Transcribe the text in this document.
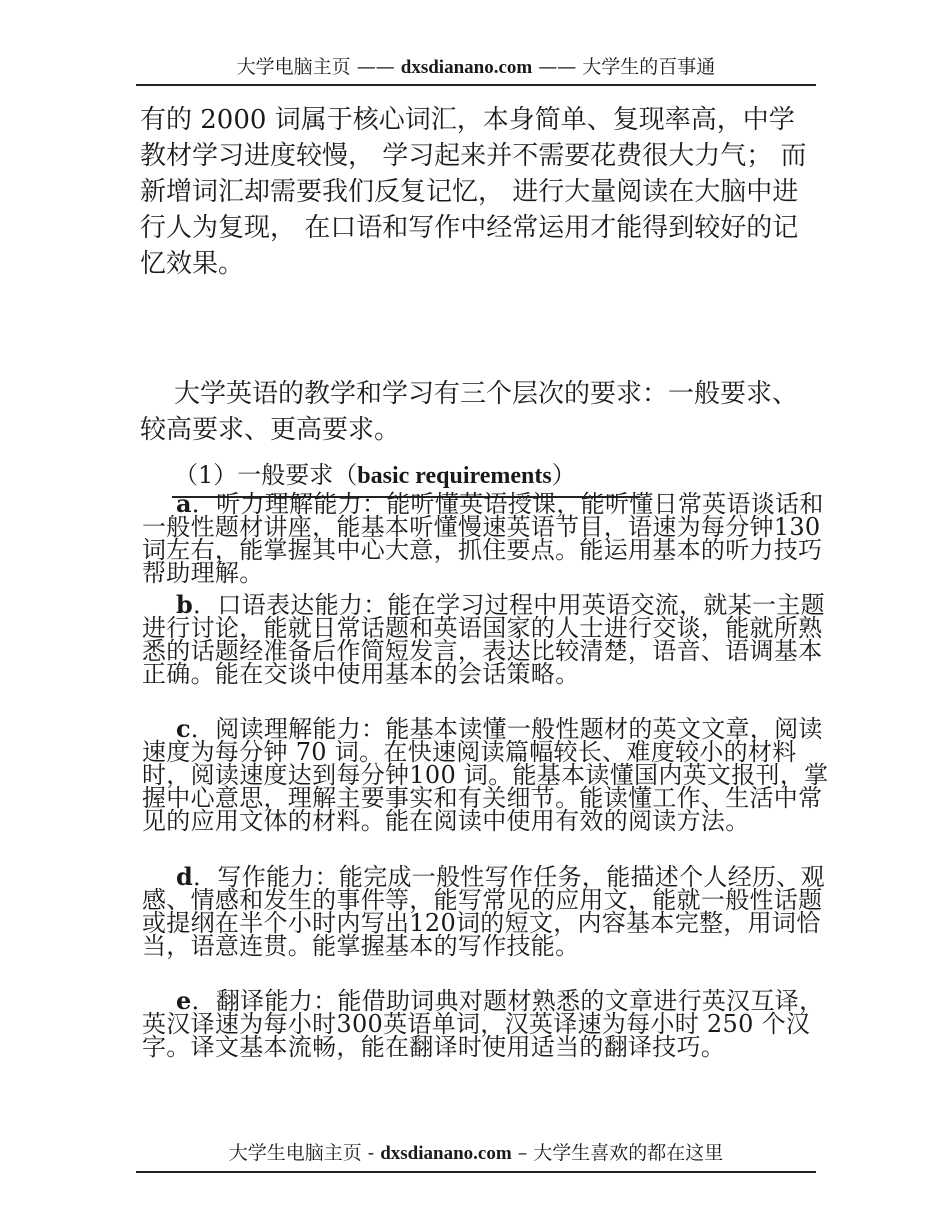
大学电脑主页 —— dxsdianano.com —— 大学生的百事通

有的 2000 词属于核心词汇，本身简单、复现率高，中学教材学习进度较慢， 学习起来并不需要花费很大力气； 而新增词汇却需要我们反复记忆， 进行大量阅读在大脑中进行人为复现， 在口语和写作中经常运用才能得到较好的记忆效果。

大学英语的教学和学习有三个层次的要求：一般要求、较高要求、更高要求。

（1）一般要求（basic requirements）

a．听力理解能力：能听懂英语授课，能听懂日常英语谈话和一般性题材讲座，能基本听懂慢速英语节目，语速为每分钟130词左右，能掌握其中心大意，抓住要点。能运用基本的听力技巧帮助理解。

b．口语表达能力：能在学习过程中用英语交流，就某一主题进行讨论，能就日常话题和英语国家的人士进行交谈，能就所熟悉的话题经准备后作简短发言，表达比较清楚，语音、语调基本正确。能在交谈中使用基本的会话策略。

c．阅读理解能力：能基本读懂一般性题材的英文文章，阅读速度为每分钟 70 词。在快速阅读篇幅较长、难度较小的材料时，阅读速度达到每分钟100 词。能基本读懂国内英文报刊，掌握中心意思，理解主要事实和有关细节。能读懂工作、生活中常见的应用文体的材料。能在阅读中使用有效的阅读方法。

d．写作能力：能完成一般性写作任务，能描述个人经历、观感、情感和发生的事件等，能写常见的应用文，能就一般性话题或提纲在半个小时内写出120词的短文，内容基本完整，用词恰当，语意连贯。能掌握基本的写作技能。

e．翻译能力：能借助词典对题材熟悉的文章进行英汉互译，英汉译速为每小时300英语单词，汉英译速为每小时 250 个汉字。译文基本流畅，能在翻译时使用适当的翻译技巧。

大学生电脑主页 - dxsdianano.com – 大学生喜欢的都在这里
